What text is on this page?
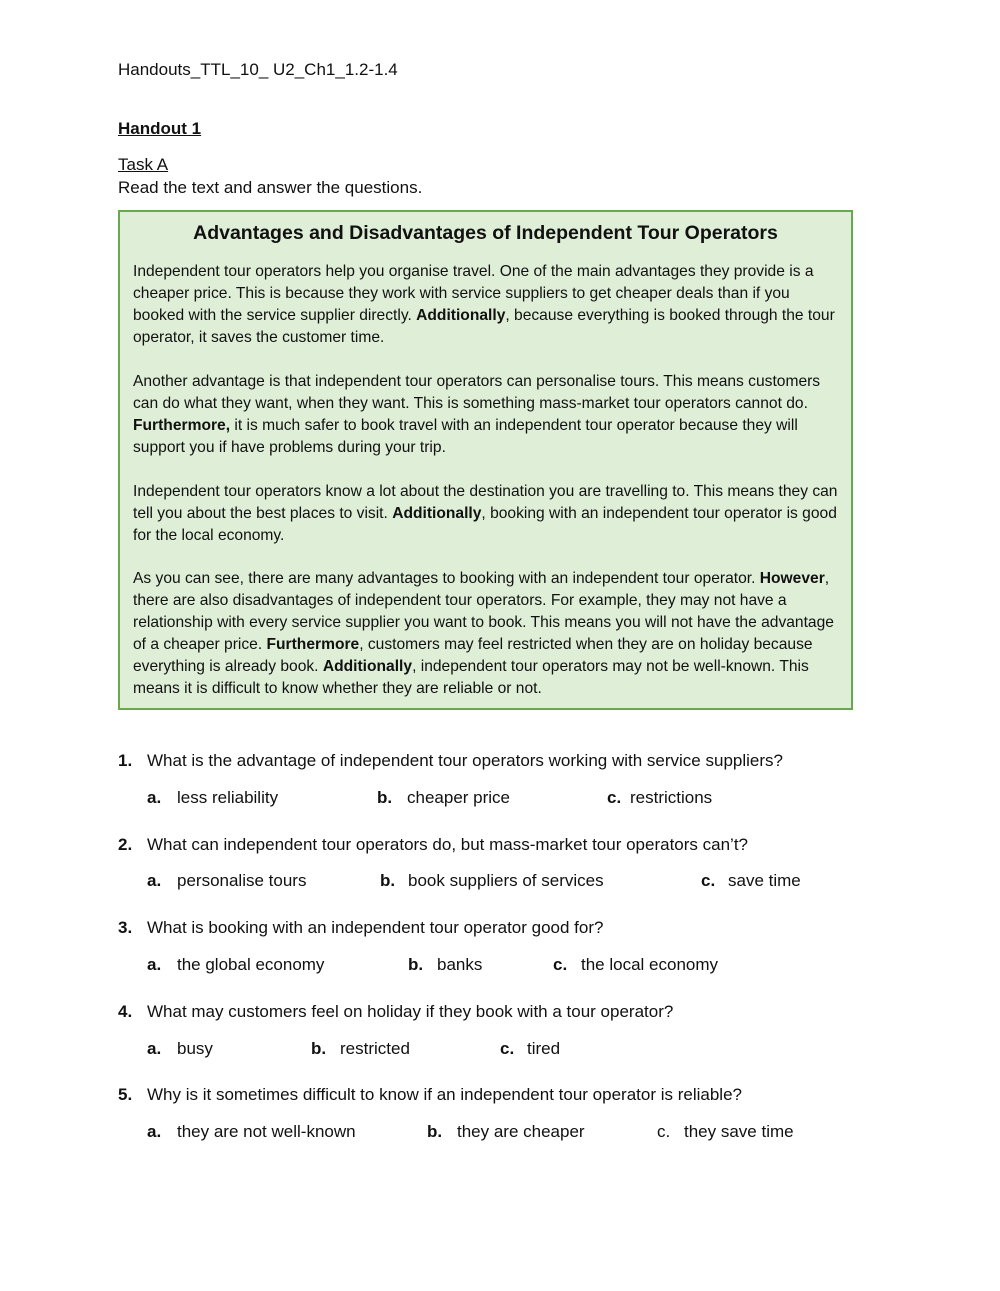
Handouts_TTL_10_ U2_Ch1_1.2-1.4
Handout 1
Task A
Read the text and answer the questions.
Advantages and Disadvantages of Independent Tour Operators
Independent tour operators help you organise travel. One of the main advantages they provide is a cheaper price. This is because they work with service suppliers to get cheaper deals than if you booked with the service supplier directly. Additionally, because everything is booked through the tour operator, it saves the customer time.
Another advantage is that independent tour operators can personalise tours. This means customers can do what they want, when they want. This is something mass-market tour operators cannot do. Furthermore, it is much safer to book travel with an independent tour operator because they will support you if have problems during your trip.
Independent tour operators know a lot about the destination you are travelling to. This means they can tell you about the best places to visit. Additionally, booking with an independent tour operator is good for the local economy.
As you can see, there are many advantages to booking with an independent tour operator. However, there are also disadvantages of independent tour operators. For example, they may not have a relationship with every service supplier you want to book. This means you will not have the advantage of a cheaper price. Furthermore, customers may feel restricted when they are on holiday because everything is already book. Additionally, independent tour operators may not be well-known. This means it is difficult to know whether they are reliable or not.
1. What is the advantage of independent tour operators working with service suppliers?
a. less reliability	b. cheaper price	c. restrictions
2. What can independent tour operators do, but mass-market tour operators can’t?
a. personalise tours	b. book suppliers of services	c. save time
3. What is booking with an independent tour operator good for?
a. the global economy	b. banks	c. the local economy
4. What may customers feel on holiday if they book with a tour operator?
a. busy	b. restricted	c. tired
5. Why is it sometimes difficult to know if an independent tour operator is reliable?
a. they are not well-known	b. they are cheaper	c. they save time
